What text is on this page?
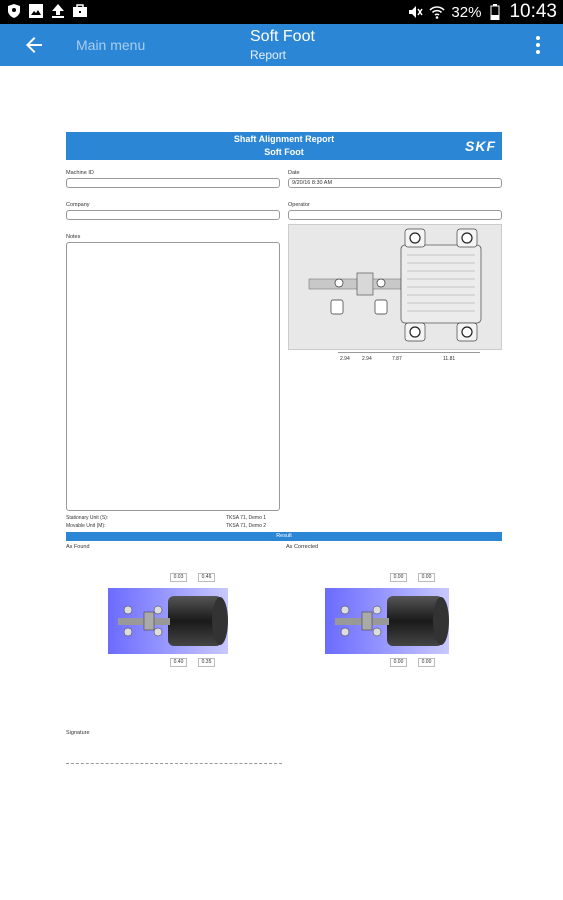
32% 10:43
Main menu	Soft Foot
Report
Shaft Alignment Report
Soft Foot	SKF
Machine ID	Date
9/20/16 8:30 AM
Company	Operator
Notes
2.94 2.94	7.87	11.81
Stationary Unit (S):	TKSA 71, Demo 1
Movable Unit (M):	TKSA 71, Demo 2
Result
As Found	As Corrected
0.03	0.46
0.40	0.35
0.00	0.00
0.00	0.00
Signature
